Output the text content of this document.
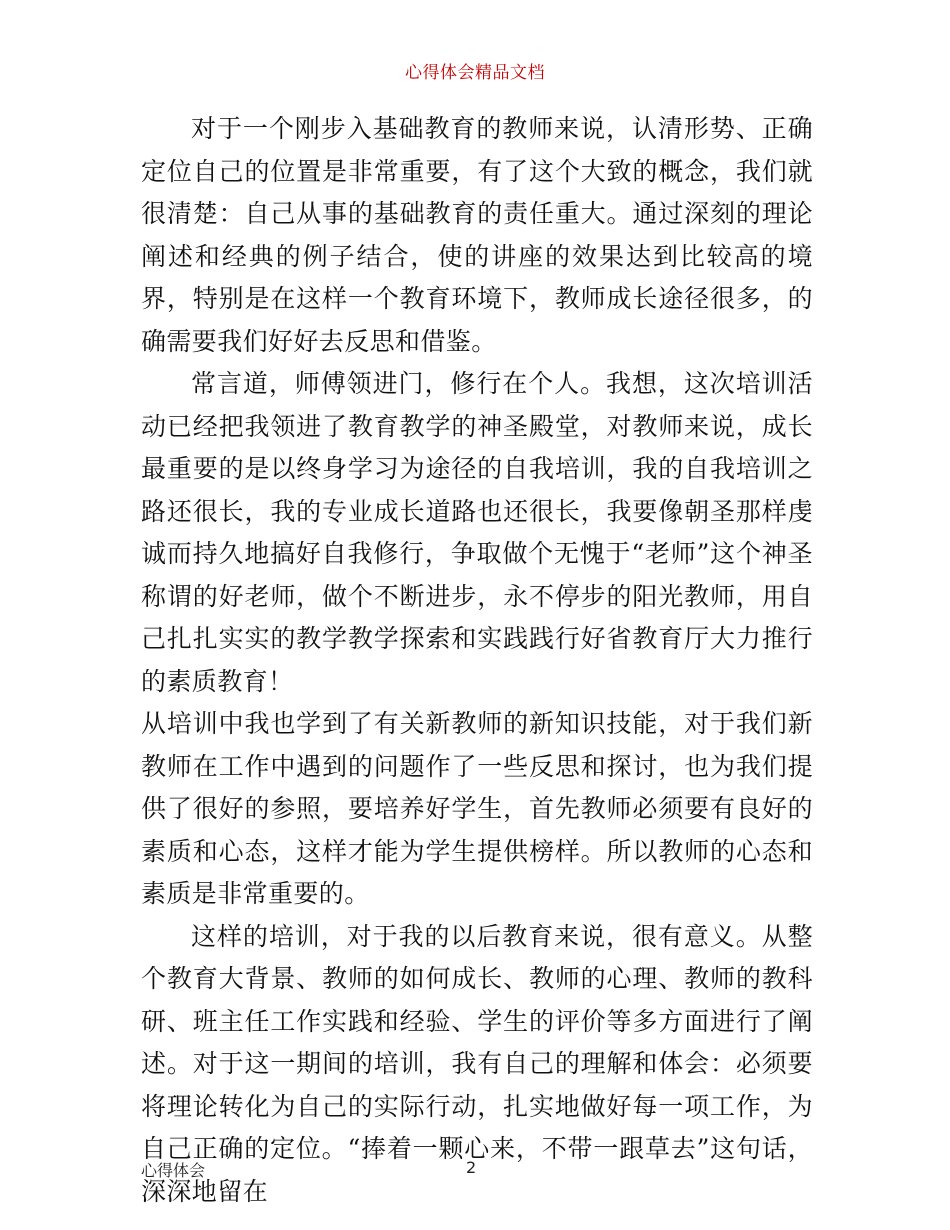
心得体会精品文档

对于一个刚步入基础教育的教师来说，认清形势、正确定位自己的位置是非常重要，有了这个大致的概念，我们就很清楚：自己从事的基础教育的责任重大。通过深刻的理论阐述和经典的例子结合，使的讲座的效果达到比较高的境界，特别是在这样一个教育环境下，教师成长途径很多，的确需要我们好好去反思和借鉴。

常言道，师傅领进门，修行在个人。我想，这次培训活动已经把我领进了教育教学的神圣殿堂，对教师来说，成长最重要的是以终身学习为途径的自我培训，我的自我培训之路还很长，我的专业成长道路也还很长，我要像朝圣那样虔诚而持久地搞好自我修行，争取做个无愧于“老师”这个神圣称谓的好老师，做个不断进步，永不停步的阳光教师，用自己扎扎实实的教学教学探索和实践践行好省教育厅大力推行的素质教育！

从培训中我也学到了有关新教师的新知识技能，对于我们新教师在工作中遇到的问题作了一些反思和探讨，也为我们提供了很好的参照，要培养好学生，首先教师必须要有良好的素质和心态，这样才能为学生提供榜样。所以教师的心态和素质是非常重要的。

这样的培训，对于我的以后教育来说，很有意义。从整个教育大背景、教师的如何成长、教师的心理、教师的教科研、班主任工作实践和经验、学生的评价等多方面进行了阐述。对于这一期间的培训，我有自己的理解和体会：必须要将理论转化为自己的实际行动，扎实地做好每一项工作，为自己正确的定位。“捧着一颗心来，不带一跟草去”这句话，深深地留在

心得体会	2
